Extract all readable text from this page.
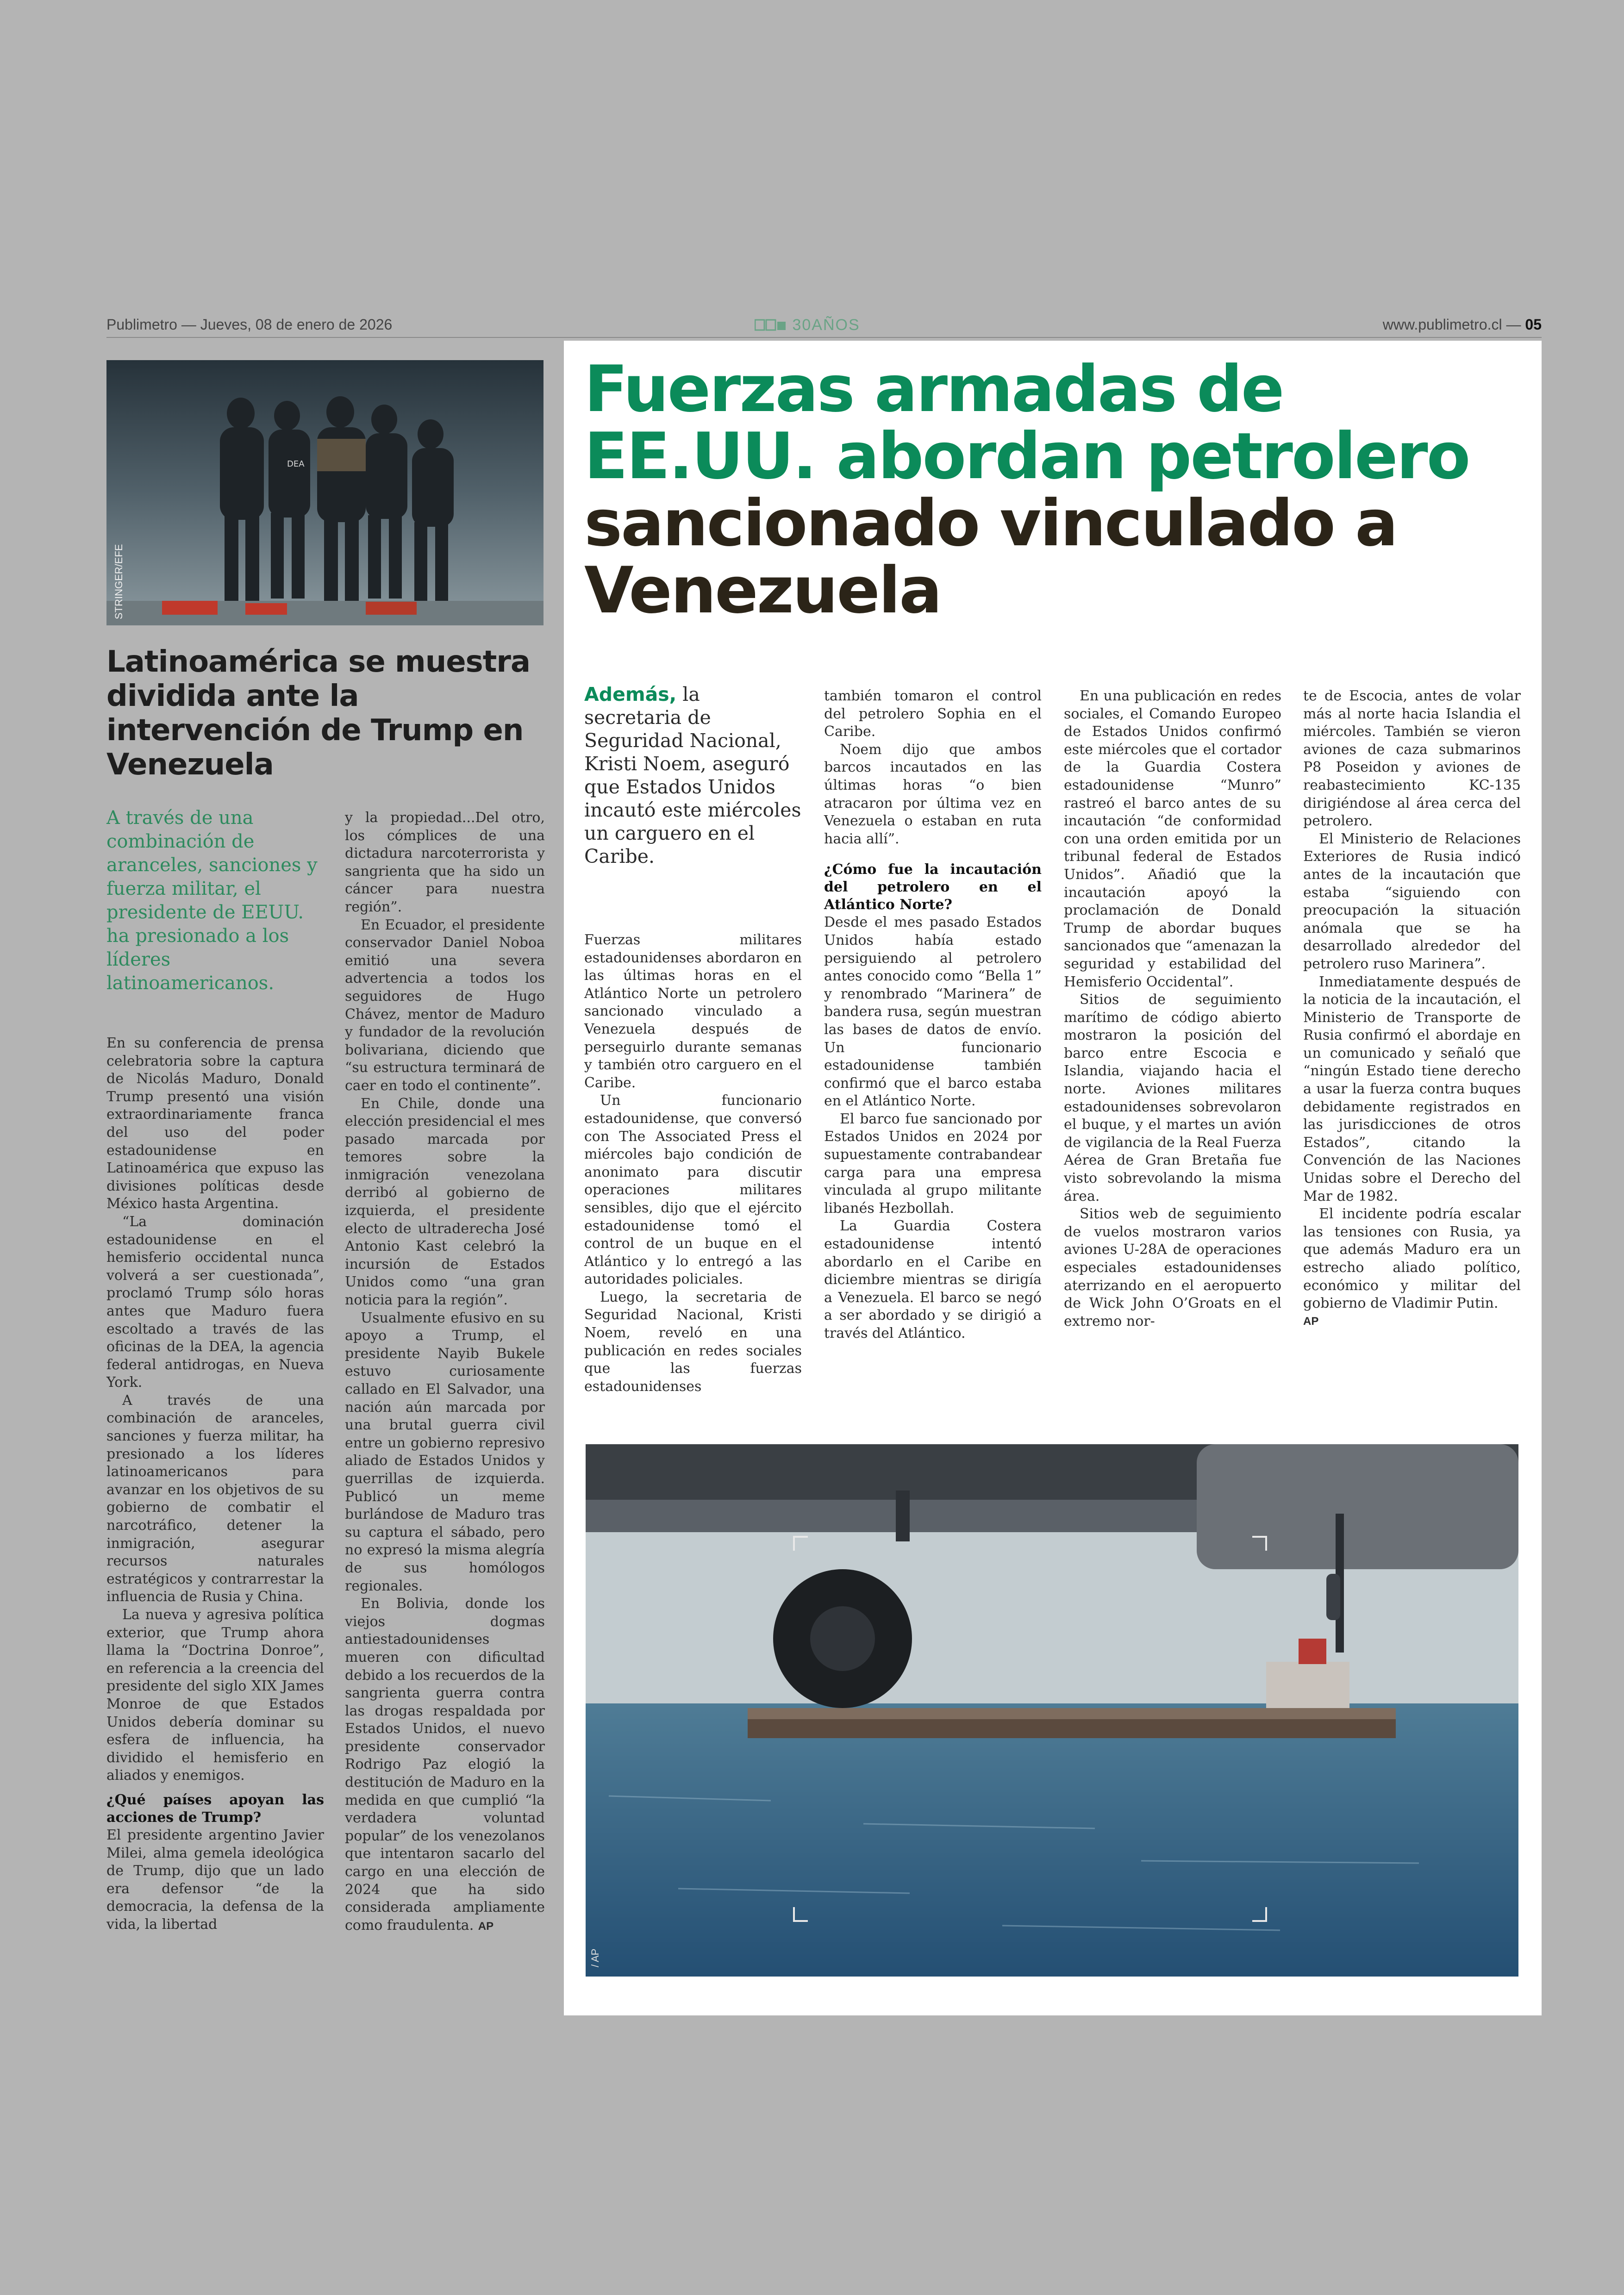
Publimetro — Jueves, 08 de enero de 2026	30AÑOS	www.publimetro.cl — 05
DEA
STRINGER/EFE
Latinoamérica se muestra dividida ante la intervención de Trump en Venezuela
A través de una combinación de aranceles, sanciones y fuerza militar, el presidente de EEUU. ha presionado a los líderes latinoamericanos.

En su conferencia de prensa celebratoria sobre la captura de Nicolás Maduro, Donald Trump presentó una visión extraordinariamente franca del uso del poder estadounidense en Latinoamérica que expuso las divisiones políticas desde México hasta Argentina.

“La dominación estadounidense en el hemisferio occidental nunca volverá a ser cuestionada”, proclamó Trump sólo horas antes que Maduro fuera escoltado a través de las oficinas de la DEA, la agencia federal antidrogas, en Nueva York.

A través de una combinación de aranceles, sanciones y fuerza militar, ha presionado a los líderes latinoamericanos para avanzar en los objetivos de su gobierno de combatir el narcotráfico, detener la inmigración, asegurar recursos naturales estratégicos y contrarrestar la influencia de Rusia y China.

La nueva y agresiva política exterior, que Trump ahora llama la “Doctrina Donroe”, en referencia a la creencia del presidente del siglo XIX James Monroe de que Estados Unidos debería dominar su esfera de influencia, ha dividido el hemisferio en aliados y enemigos.

¿Qué países apoyan las acciones de Trump?

El presidente argentino Javier Milei, alma gemela ideológica de Trump, dijo que un lado era defensor “de la democracia, la defensa de la vida, la libertad

y la propiedad...Del otro, los cómplices de una dictadura narcoterrorista y sangrienta que ha sido un cáncer para nuestra región”.

En Ecuador, el presidente conservador Daniel Noboa emitió una severa advertencia a todos los seguidores de Hugo Chávez, mentor de Maduro y fundador de la revolución bolivariana, diciendo que “su estructura terminará de caer en todo el continente”.

En Chile, donde una elección presidencial el mes pasado marcada por temores sobre la inmigración venezolana derribó al gobierno de izquierda, el presidente electo de ultraderecha José Antonio Kast celebró la incursión de Estados Unidos como “una gran noticia para la región”.

Usualmente efusivo en su apoyo a Trump, el presidente Nayib Bukele estuvo curiosamente callado en El Salvador, una nación aún marcada por una brutal guerra civil entre un gobierno represivo aliado de Estados Unidos y guerrillas de izquierda. Publicó un meme burlándose de Maduro tras su captura el sábado, pero no expresó la misma alegría de sus homólogos regionales.

En Bolivia, donde los viejos dogmas antiestadounidenses mueren con dificultad debido a los recuerdos de la sangrienta guerra contra las drogas respaldada por Estados Unidos, el nuevo presidente conservador Rodrigo Paz elogió la destitución de Maduro en la medida en que cumplió “la verdadera voluntad popular” de los venezolanos que intentaron sacarlo del cargo en una elección de 2024 que ha sido considerada ampliamente como fraudulenta. AP

Fuerzas armadas de
EE.UU. abordan petrolero
sancionado vinculado a
Venezuela
Además, la secretaria de Seguridad Nacional, Kristi Noem, aseguró que Estados Unidos incautó este miércoles un carguero en el Caribe.

Fuerzas militares estadounidenses abordaron en las últimas horas en el Atlántico Norte un petrolero sancionado vinculado a Venezuela después de perseguirlo durante semanas y también otro carguero en el Caribe.

Un funcionario estadounidense, que conversó con The Associated Press el miércoles bajo condición de anonimato para discutir operaciones militares sensibles, dijo que el ejército estadounidense tomó el control de un buque en el Atlántico y lo entregó a las autoridades policiales.

Luego, la secretaria de Seguridad Nacional, Kristi Noem, reveló en una publicación en redes sociales que las fuerzas estadounidenses

también tomaron el control del petrolero Sophia en el Caribe.

Noem dijo que ambos barcos incautados en las últimas horas “o bien atracaron por última vez en Venezuela o estaban en ruta hacia allí”.

¿Cómo fue la incautación del petrolero en el Atlántico Norte?

Desde el mes pasado Estados Unidos había estado persiguiendo al petrolero antes conocido como “Bella 1” y renombrado “Marinera” de bandera rusa, según muestran las bases de datos de envío. Un funcionario estadounidense también confirmó que el barco estaba en el Atlántico Norte.

El barco fue sancionado por Estados Unidos en 2024 por supuestamente contrabandear carga para una empresa vinculada al grupo militante libanés Hezbollah.

La Guardia Costera estadounidense intentó abordarlo en el Caribe en diciembre mientras se dirigía a Venezuela. El barco se negó a ser abordado y se dirigió a través del Atlántico.

En una publicación en redes sociales, el Comando Europeo de Estados Unidos confirmó este miércoles que el cortador de la Guardia Costera estadounidense “Munro” rastreó el barco antes de su incautación “de conformidad con una orden emitida por un tribunal federal de Estados Unidos”. Añadió que la incautación apoyó la proclamación de Donald Trump de abordar buques sancionados que “amenazan la seguridad y estabilidad del Hemisferio Occidental”.

Sitios de seguimiento marítimo de código abierto mostraron la posición del barco entre Escocia e Islandia, viajando hacia el norte. Aviones militares estadounidenses sobrevolaron el buque, y el martes un avión de vigilancia de la Real Fuerza Aérea de Gran Bretaña fue visto sobrevolando la misma área.

Sitios web de seguimiento de vuelos mostraron varios aviones U-28A de operaciones especiales estadounidenses aterrizando en el aeropuerto de Wick John O’Groats en el extremo nor-

te de Escocia, antes de volar más al norte hacia Islandia el miércoles. También se vieron aviones de caza submarinos P8 Poseidon y aviones de reabastecimiento KC-135 dirigiéndose al área cerca del petrolero.

El Ministerio de Relaciones Exteriores de Rusia indicó antes de la incautación que estaba “siguiendo con preocupación la situación anómala que se ha desarrollado alrededor del petrolero ruso Marinera”.

Inmediatamente después de la noticia de la incautación, el Ministerio de Transporte de Rusia confirmó el abordaje en un comunicado y señaló que “ningún Estado tiene derecho a usar la fuerza contra buques debidamente registrados en las jurisdicciones de otros Estados”, citando la Convención de las Naciones Unidas sobre el Derecho del Mar de 1982.

El incidente podría escalar las tensiones con Rusia, ya que además Maduro era un estrecho aliado político, económico y militar del gobierno de Vladimir Putin.

AP

/ AP
